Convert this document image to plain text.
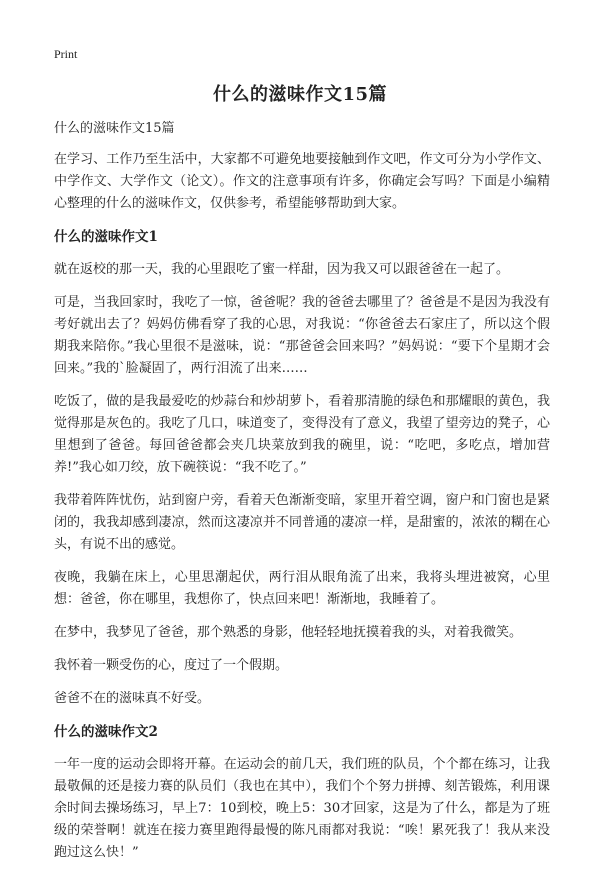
Print
什么的滋味作文15篇

什么的滋味作文15篇

在学习、工作乃至生活中，大家都不可避免地要接触到作文吧，作文可分为小学作文、中学作文、大学作文（论文）。作文的注意事项有许多，你确定会写吗？下面是小编精心整理的什么的滋味作文，仅供参考，希望能够帮助到大家。

什么的滋味作文1

就在返校的那一天，我的心里跟吃了蜜一样甜，因为我又可以跟爸爸在一起了。

可是，当我回家时，我吃了一惊，爸爸呢？我的爸爸去哪里了？爸爸是不是因为我没有考好就出去了？妈妈仿佛看穿了我的心思，对我说：“你爸爸去石家庄了，所以这个假期我来陪你。”我心里很不是滋味，说：“那爸爸会回来吗？”妈妈说：“要下个星期才会回来。”我的`脸凝固了，两行泪流了出来……

吃饭了，做的是我最爱吃的炒蒜台和炒胡萝卜，看着那清脆的绿色和那耀眼的黄色，我觉得那是灰色的。我吃了几口，味道变了，变得没有了意义，我望了望旁边的凳子，心里想到了爸爸。每回爸爸都会夹几块菜放到我的碗里，说：“吃吧，多吃点，增加营养!”我心如刀绞，放下碗筷说：“我不吃了。”

我带着阵阵忧伤，站到窗户旁，看着天色渐渐变暗，家里开着空调，窗户和门窗也是紧闭的，我我却感到凄凉，然而这凄凉并不同普通的凄凉一样，是甜蜜的，浓浓的糊在心头，有说不出的感觉。

夜晚，我躺在床上，心里思潮起伏，两行泪从眼角流了出来，我将头埋进被窝，心里想：爸爸，你在哪里，我想你了，快点回来吧！渐渐地，我睡着了。

在梦中，我梦见了爸爸，那个熟悉的身影，他轻轻地抚摸着我的头，对着我微笑。

我怀着一颗受伤的心，度过了一个假期。

爸爸不在的滋味真不好受。

什么的滋味作文2

一年一度的运动会即将开幕。在运动会的前几天，我们班的队员，个个都在练习，让我最敬佩的还是接力赛的队员们（我也在其中），我们个个努力拼搏、刻苦锻炼，利用课余时间去操场练习，早上7：10到校，晚上5：30才回家，这是为了什么，都是为了班级的荣誉啊！就连在接力赛里跑得最慢的陈凡雨都对我说：“唉！累死我了！我从来没跑过这么快！”
